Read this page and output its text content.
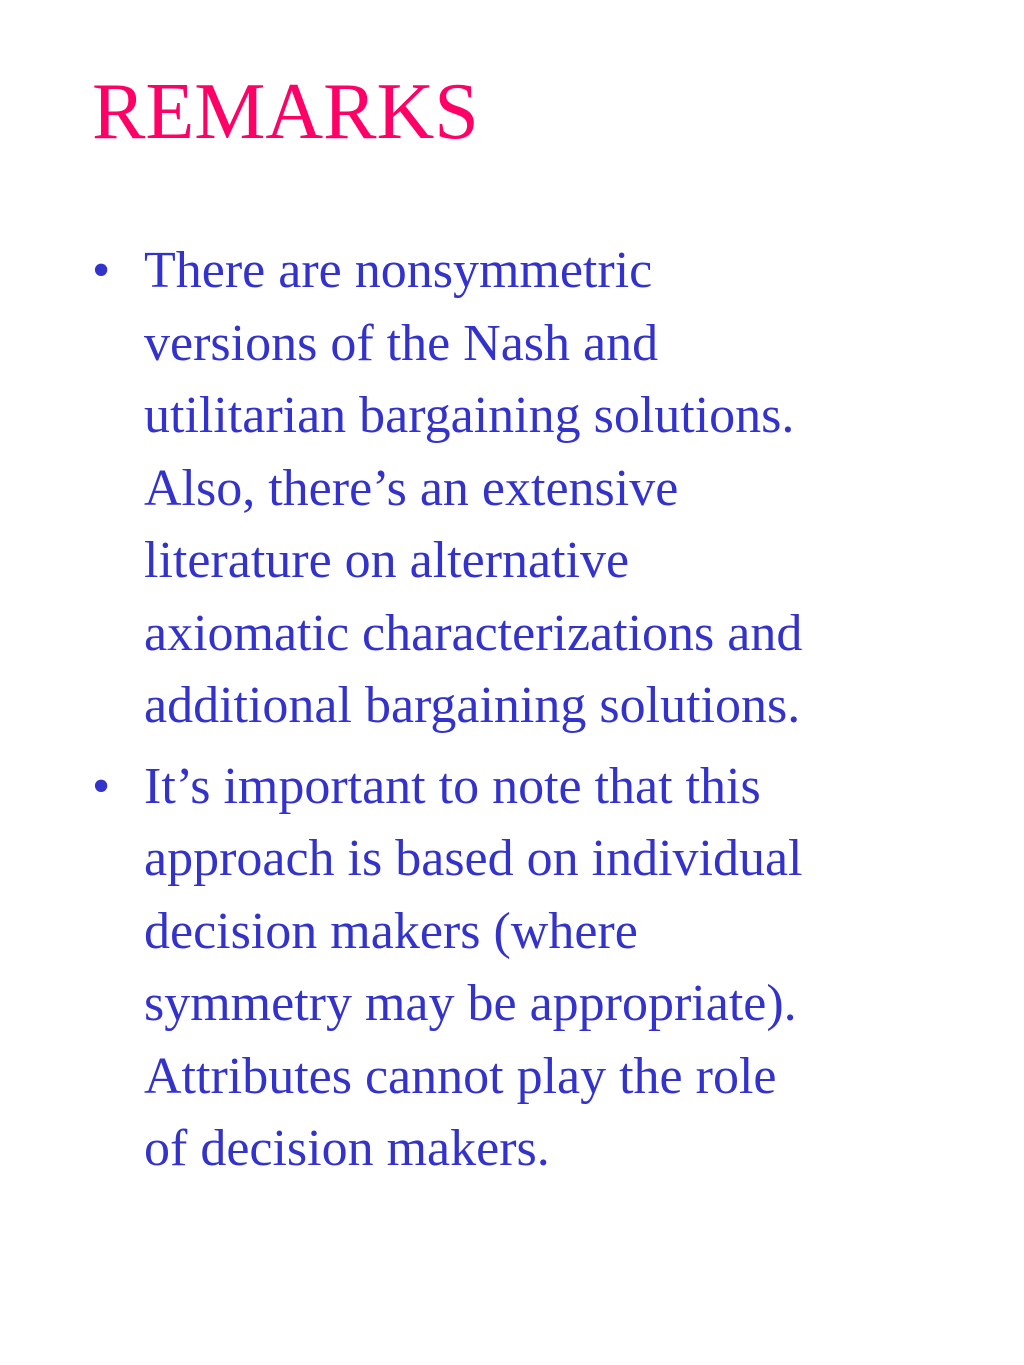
REMARKS
• There are nonsymmetric
versions of the Nash and
utilitarian bargaining solutions.
Also, there’s an extensive
literature on alternative
axiomatic characterizations and
additional bargaining solutions.
• It’s important to note that this
approach is based on individual
decision makers (where
symmetry may be appropriate).
Attributes cannot play the role
of decision makers.
